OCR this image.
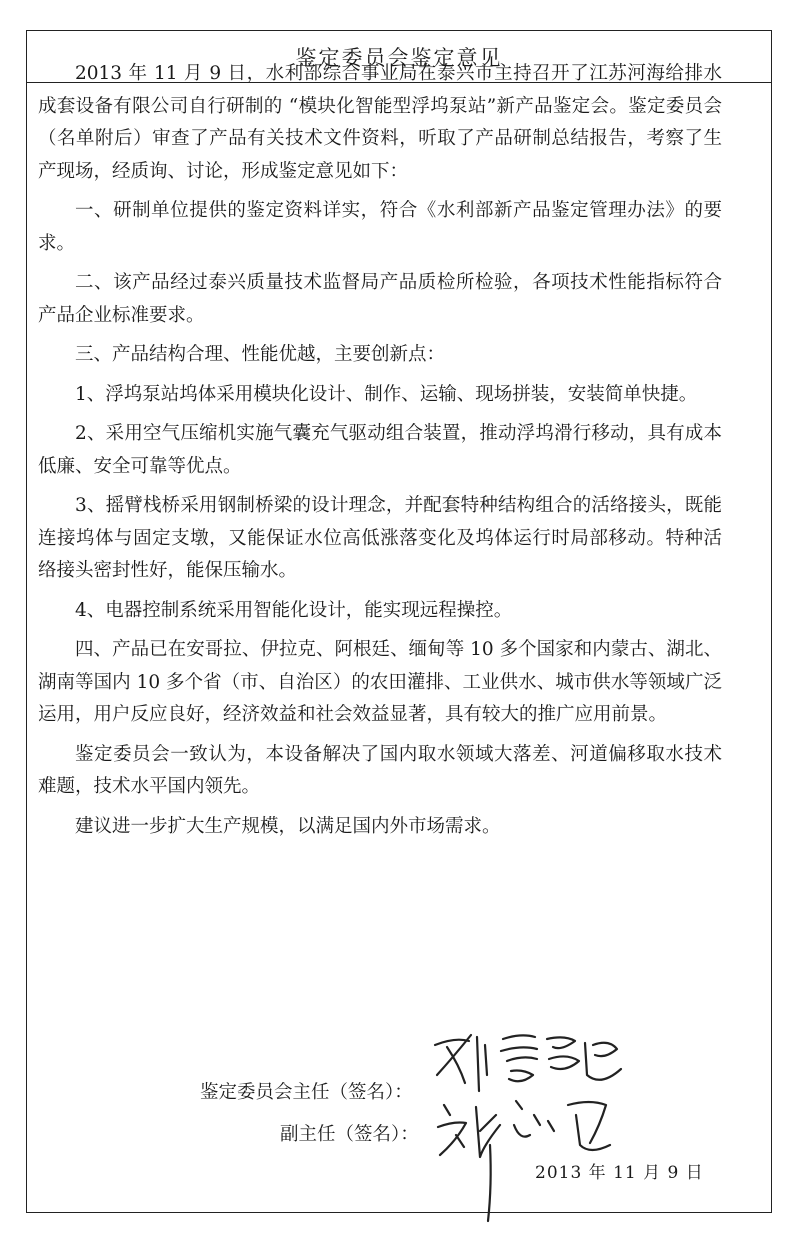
鉴定委员会鉴定意见

2013 年 11 月 9 日，水利部综合事业局在泰兴市主持召开了江苏河海给排水成套设备有限公司自行研制的 “模块化智能型浮坞泵站”新产品鉴定会。鉴定委员会（名单附后）审查了产品有关技术文件资料，听取了产品研制总结报告，考察了生产现场，经质询、讨论，形成鉴定意见如下：

一、研制单位提供的鉴定资料详实，符合《水利部新产品鉴定管理办法》的要求。

二、该产品经过泰兴质量技术监督局产品质检所检验，各项技术性能指标符合产品企业标准要求。

三、产品结构合理、性能优越，主要创新点：

1、浮坞泵站坞体采用模块化设计、制作、运输、现场拼装，安装简单快捷。

2、采用空气压缩机实施气囊充气驱动组合装置，推动浮坞滑行移动，具有成本低廉、安全可靠等优点。

3、摇臂栈桥采用钢制桥梁的设计理念，并配套特种结构组合的活络接头，既能连接坞体与固定支墩，又能保证水位高低涨落变化及坞体运行时局部移动。特种活络接头密封性好，能保压输水。

4、电器控制系统采用智能化设计，能实现远程操控。

四、产品已在安哥拉、伊拉克、阿根廷、缅甸等 10 多个国家和内蒙古、湖北、湖南等国内 10 多个省（市、自治区）的农田灌排、工业供水、城市供水等领域广泛运用，用户反应良好，经济效益和社会效益显著，具有较大的推广应用前景。

鉴定委员会一致认为，本设备解决了国内取水领域大落差、河道偏移取水技术难题，技术水平国内领先。

建议进一步扩大生产规模，以满足国内外市场需求。

鉴定委员会主任（签名）：
副主任（签名）：
2013 年 11 月 9 日
